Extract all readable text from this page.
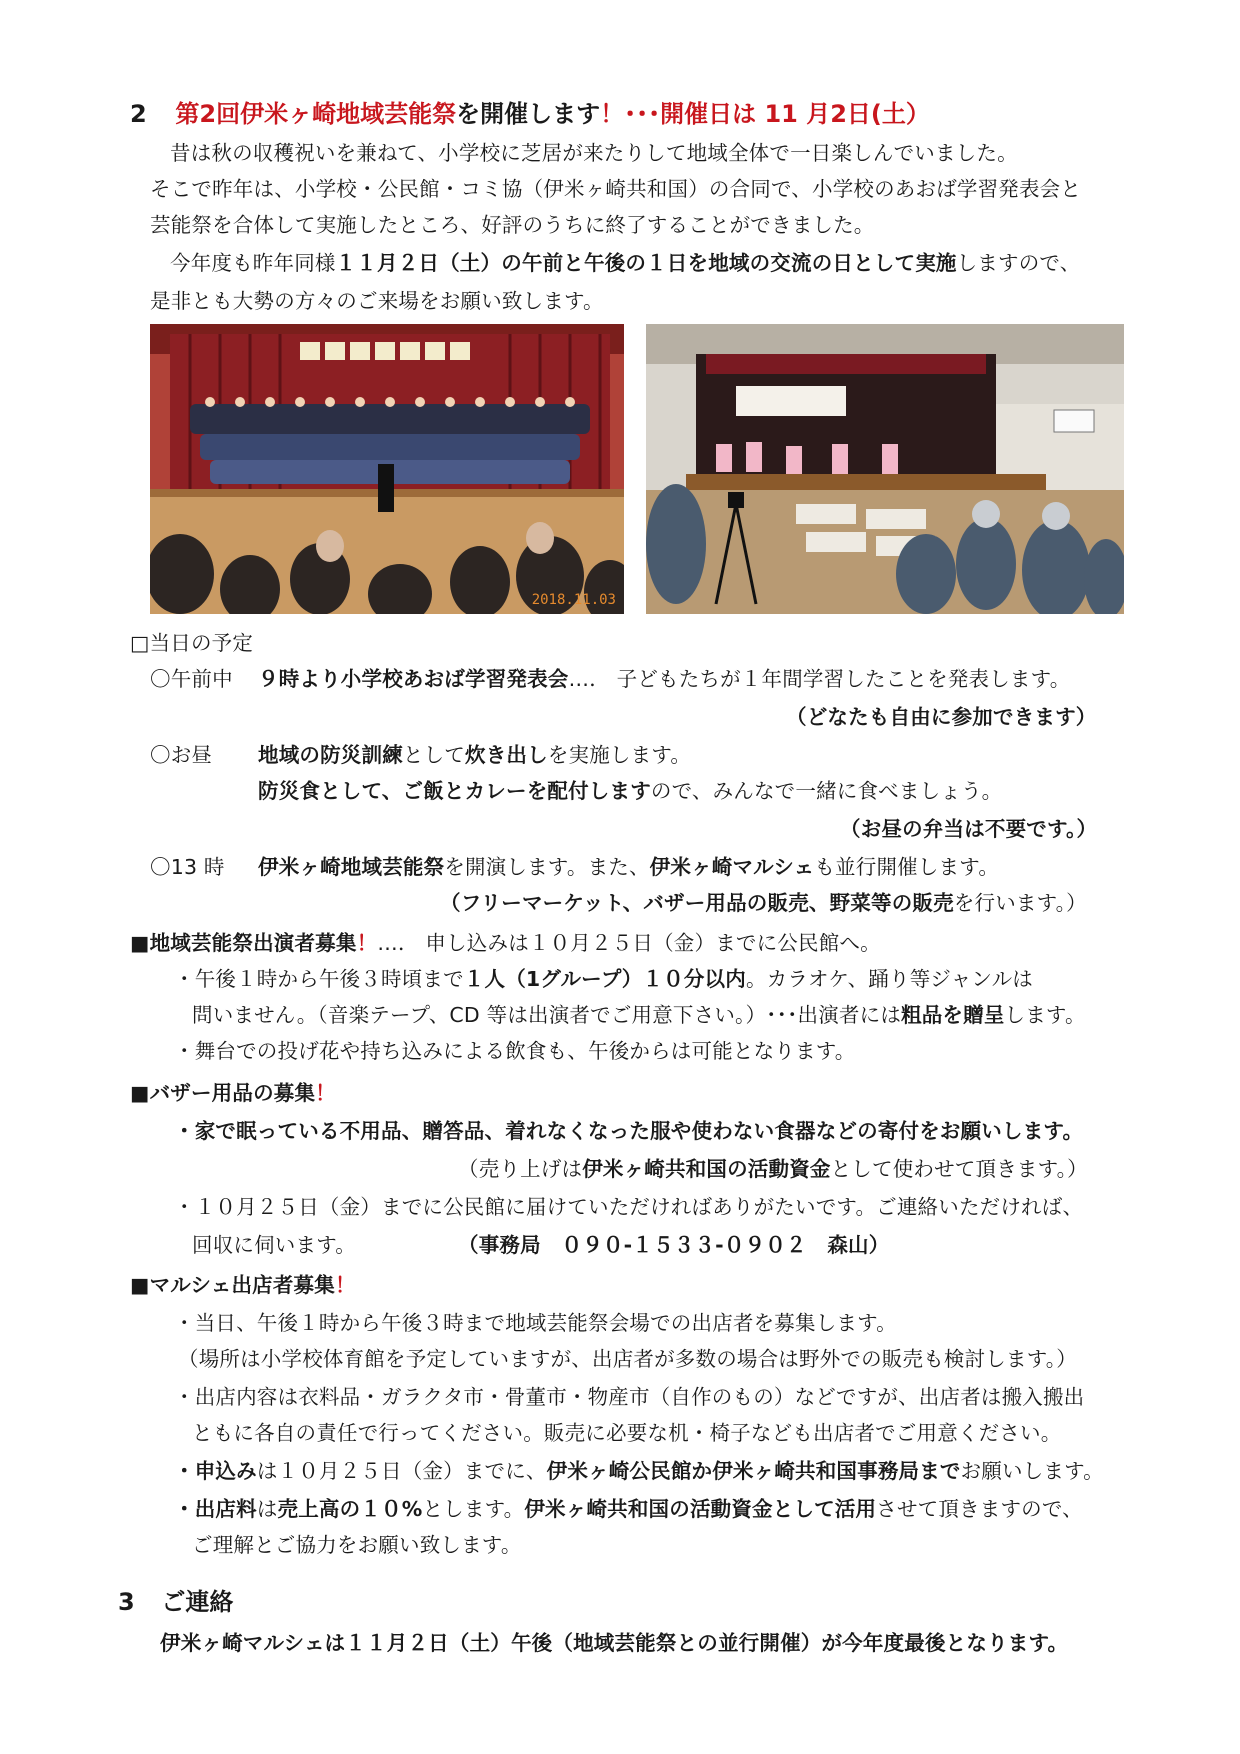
2 第2回伊米ヶ崎地域芸能祭を開催します！･･･開催日は 11 月2日(土）
昔は秋の収穫祝いを兼ねて、小学校に芝居が来たりして地域全体で一日楽しんでいました。
そこで昨年は、小学校・公民館・コミ協（伊米ヶ崎共和国）の合同で、小学校のあおば学習発表会と
芸能祭を合体して実施したところ、好評のうちに終了することができました。
今年度も昨年同様１１月２日（土）の午前と午後の１日を地域の交流の日として実施しますので、
是非とも大勢の方々のご来場をお願い致します。
2018.11.03
□当日の予定
〇午前中 ９時より小学校あおば学習発表会…． 子どもたちが１年間学習したことを発表します。
（どなたも自由に参加できます）
〇お昼 地域の防災訓練として炊き出しを実施します。
防災食として、ご飯とカレーを配付しますので、みんなで一緒に食べましょう。
（お昼の弁当は不要です。）
〇13 時 伊米ヶ崎地域芸能祭を開演します。また、伊米ヶ崎マルシェも並行開催します。
（フリーマーケット、バザー用品の販売、野菜等の販売を行います。）
■地域芸能祭出演者募集！…． 申し込みは１０月２５日（金）までに公民館へ。
・午後１時から午後３時頃まで１人（1グループ）１０分以内。カラオケ、踊り等ジャンルは
問いません。（音楽テープ、CD 等は出演者でご用意下さい。）･･･出演者には粗品を贈呈します。
・舞台での投げ花や持ち込みによる飲食も、午後からは可能となります。
■バザー用品の募集！
・家で眠っている不用品、贈答品、着れなくなった服や使わない食器などの寄付をお願いします。
（売り上げは伊米ヶ崎共和国の活動資金として使わせて頂きます。）
・１０月２５日（金）までに公民館に届けていただければありがたいです。ご連絡いただければ、
回収に伺います。	（事務局　０９０-１５３３-０９０２　森山）
■マルシェ出店者募集！
・当日、午後１時から午後３時まで地域芸能祭会場での出店者を募集します。
（場所は小学校体育館を予定していますが、出店者が多数の場合は野外での販売も検討します。）
・出店内容は衣料品・ガラクタ市・骨董市・物産市（自作のもの）などですが、出店者は搬入搬出
ともに各自の責任で行ってください。販売に必要な机・椅子なども出店者でご用意ください。
・申込みは１０月２５日（金）までに、伊米ヶ崎公民館か伊米ヶ崎共和国事務局までお願いします。
・出店料は売上高の１０%とします。伊米ヶ崎共和国の活動資金として活用させて頂きますので、
ご理解とご協力をお願い致します。
3 ご連絡
伊米ヶ崎マルシェは１１月２日（土）午後（地域芸能祭との並行開催）が今年度最後となります。
